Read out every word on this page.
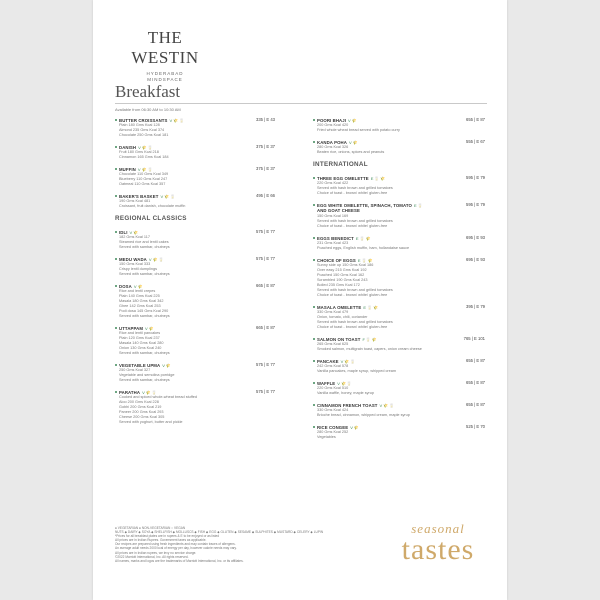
THE WESTIN
HYDERABAD
MINDSPACE
Breakfast
Available from 06:30 AM to 10:30 AM
BUTTER CROISSANTS V 🌾 🥛	335 | E 43
Plain 180 Gms Kcal 128
Almond 235 Gms Kcal 374
Chocolate 250 Gms Kcal 181
DANISH V 🌾 🥛	375 | E 37
Fruit 180 Gms Kcal 218
Cinnamon 165 Gms Kcal 184
MUFFIN V 🌾 🥛	375 | E 37
Chocolate 110 Gms Kcal 349
Blueberry 110 Gms Kcal 247
Oatmeal 110 Gms Kcal 357
BAKER'S BASKET V 🌾 🥛	495 | E 66
190 Gms Kcal 481
Croissant, fruit danish, chocolate muffin
REGIONAL CLASSICS
IDLI V 🌾	575 | E 77
182 Gms Kcal 117
Steamed rice and lentil cakes
Served with sambar, chutneys
MEDU WADA V 🌾 🥛	575 | E 77
150 Gms Kcal 333
Crispy lentil dumplings
Served with sambar, chutneys
DOSA V 🌾	665 | E 87
Rice and lentil crepes
Plain 140 Gms Kcal 225
Masala 180 Gms Kcal 342
Ghee 142 Gms Kcal 253
Podi dosa 145 Gms Kcal 290
Served with sambar, chutneys
UTTAPPAM V 🌾	665 | E 87
Rice and lentil pancakes
Plain 120 Gms Kcal 237
Masala 140 Gms Kcal 280
Onion 130 Gms Kcal 240
Served with sambar, chutneys
VEGETABLE UPMA V 🌾	575 | E 77
250 Gms Kcal 327
Vegetable and semolina porridge
Served with sambar, chutneys
PARATHA V 🌾 🥛	575 | E 77
Cooked and spiced whole-wheat bread stuffed
Aloo 200 Gms Kcal 228
Gobhi 200 Gms Kcal 219
Paneer 200 Gms Kcal 293
Cheese 200 Gms Kcal 305
Served with yoghurt, butter and pickle
POORI BHAJI V 🌾	655 | E 87
200 Gms Kcal 420
Fried whole wheat bread served with potato curry
KANDA POHA V 🌾	555 | E 67
280 Gms Kcal 326
Beaten rice, onions, spices and peanuts
INTERNATIONAL
THREE EGG OMELETTE E 🥛 🌾	595 | E 79
220 Gms Kcal 422
Served with hash brown and grilled tomatoes
Choice of toast - brown/ white/ gluten-free
EGG WHITE OMELETTE, SPINACH, TOMATO E 🥛	595 | E 79
AND GOAT CHEESE
150 Gms Kcal 169
Served with hash brown and grilled tomatoes
Choice of toast - brown/ white/ gluten-free
EGGS BENEDICT E 🥛 🌾	695 | E 93
231 Gms Kcal 423
Poached eggs, English muffin, ham, hollandaise sauce
CHOICE OF EGGS E 🥛 🌾	695 | E 93
Sunny side up 150 Gms Kcal 186
Over easy 215 Gms Kcal 192
Poached 150 Gms Kcal 162
Scrambled 190 Gms Kcal 243
Boiled 235 Gms Kcal 172
Served with hash brown and grilled tomatoes
Choice of toast - brown/ white/ gluten-free
MASALA OMELETTE E 🥛 🌾	395 | E 79
330 Gms Kcal 479
Onion, tomato, chili, coriander
Served with hash brown and grilled tomatoes
Choice of toast - brown/ white/ gluten-free
SALMON ON TOAST F 🥛 🌾	765 | E 101
265 Gms Kcal 625
Smoked salmon, multigrain toast, capers, onion cream cheese
PANCAKE V 🌾 🥛	655 | E 87
242 Gms Kcal 578
Vanilla pancakes, maple syrup, whipped cream
WAFFLE V 🌾 🥛	655 | E 87
220 Gms Kcal 510
Vanilla waffle, honey, maple syrup
CINNAMON FRENCH TOAST V 🌾 🥛	655 | E 87
330 Gms Kcal 424
Brioche bread, cinnamon, whipped cream, maple syrup
RICE CONGEE V 🌾	525 | E 70
280 Gms Kcal 252
Vegetables
● VEGETARIAN ● NON-VEGETARIAN ○ VEGAN
NUTS ◆ DAIRY ◆ SOYA ◆ SHELLFISH ◆ MOLLUSCS ◆ FISH ◆ EGG ◆ GLUTEN ◆ SESAME ◆ SULPHITES ◆ MUSTARD ◆ CELERY ◆ LUPIN
*Prices for all breakfast plates are in rupees & E to be enjoyed or as listed
All prices are in Indian Rupees. Government taxes as applicable.
Our recipes are prepared using fresh ingredients and may contain traces of allergens.
An average adult needs 2000 kcal of energy per day, however calorie needs may vary.
All prices are in Indian rupees, we levy no service charge.
©2022 Marriott International, Inc. All rights reserved.
All names, marks and logos are the trademarks of Marriott International, Inc. or its affiliates.
seasonal
tastes
